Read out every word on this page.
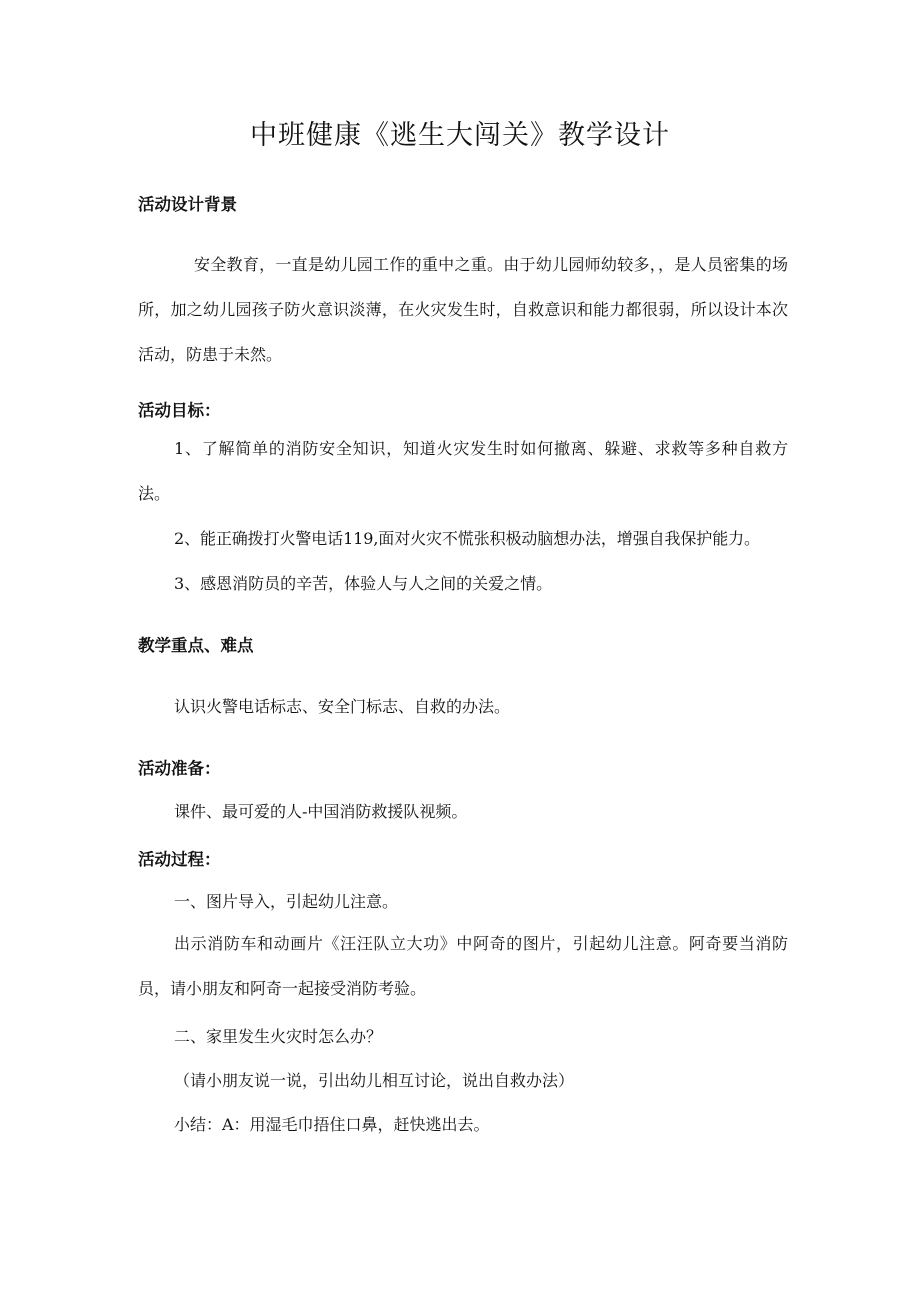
中班健康《逃生大闯关》教学设计
活动设计背景

安全教育，一直是幼儿园工作的重中之重。由于幼儿园师幼较多，，是人员密集的场所，加之幼儿园孩子防火意识淡薄，在火灾发生时，自救意识和能力都很弱，所以设计本次活动，防患于未然。

活动目标：

1、了解简单的消防安全知识，知道火灾发生时如何撤离、躲避、求救等多种自救方法。

2、能正确拨打火警电话119,面对火灾不慌张积极动脑想办法，增强自我保护能力。

3、感恩消防员的辛苦，体验人与人之间的关爱之情。

教学重点、难点

认识火警电话标志、安全门标志、自救的办法。

活动准备：

课件、最可爱的人-中国消防救援队视频。

活动过程：

一、图片导入，引起幼儿注意。

出示消防车和动画片《汪汪队立大功》中阿奇的图片，引起幼儿注意。阿奇要当消防员，请小朋友和阿奇一起接受消防考验。

二、家里发生火灾时怎么办？

（请小朋友说一说，引出幼儿相互讨论，说出自救办法）

小结：A：用湿毛巾捂住口鼻，赶快逃出去。
